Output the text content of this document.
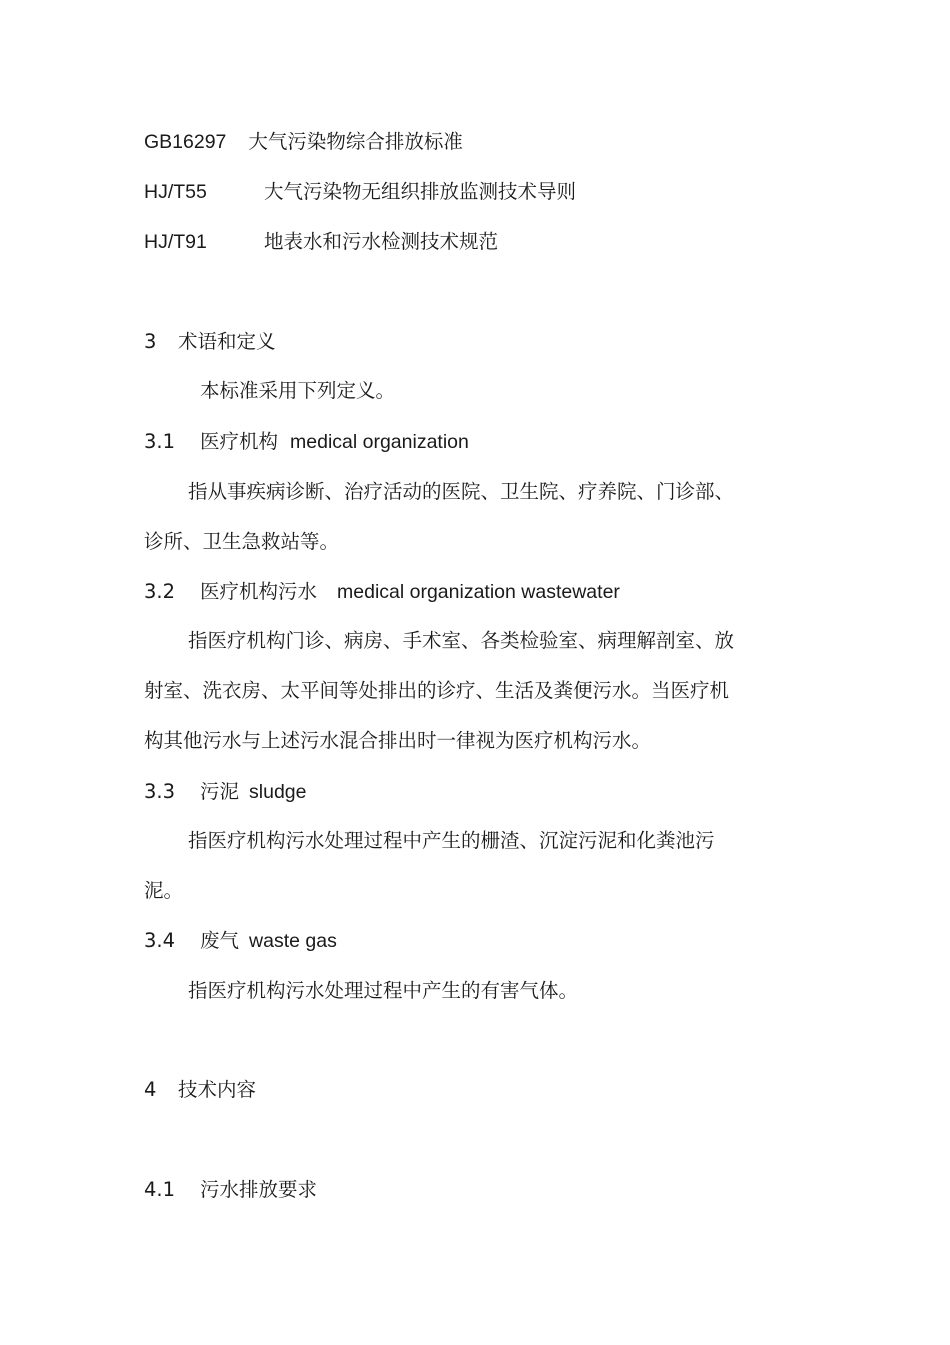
GB16297 大气污染物综合排放标准
HJ/T55	大气污染物无组织排放监测技术导则
HJ/T91	地表水和污水检测技术规范
3 术语和定义
本标准采用下列定义。
3.1 医疗机构 medical organization
指从事疾病诊断、治疗活动的医院、卫生院、疗养院、门诊部、
诊所、卫生急救站等。
3.2 医疗机构污水 medical organization wastewater
指医疗机构门诊、病房、手术室、各类检验室、病理解剖室、放
射室、洗衣房、太平间等处排出的诊疗、生活及粪便污水。当医疗机
构其他污水与上述污水混合排出时一律视为医疗机构污水。
3.3 污泥 sludge
指医疗机构污水处理过程中产生的栅渣、沉淀污泥和化粪池污
泥。
3.4 废气 waste gas
指医疗机构污水处理过程中产生的有害气体。
4 技术内容
4.1 污水排放要求
